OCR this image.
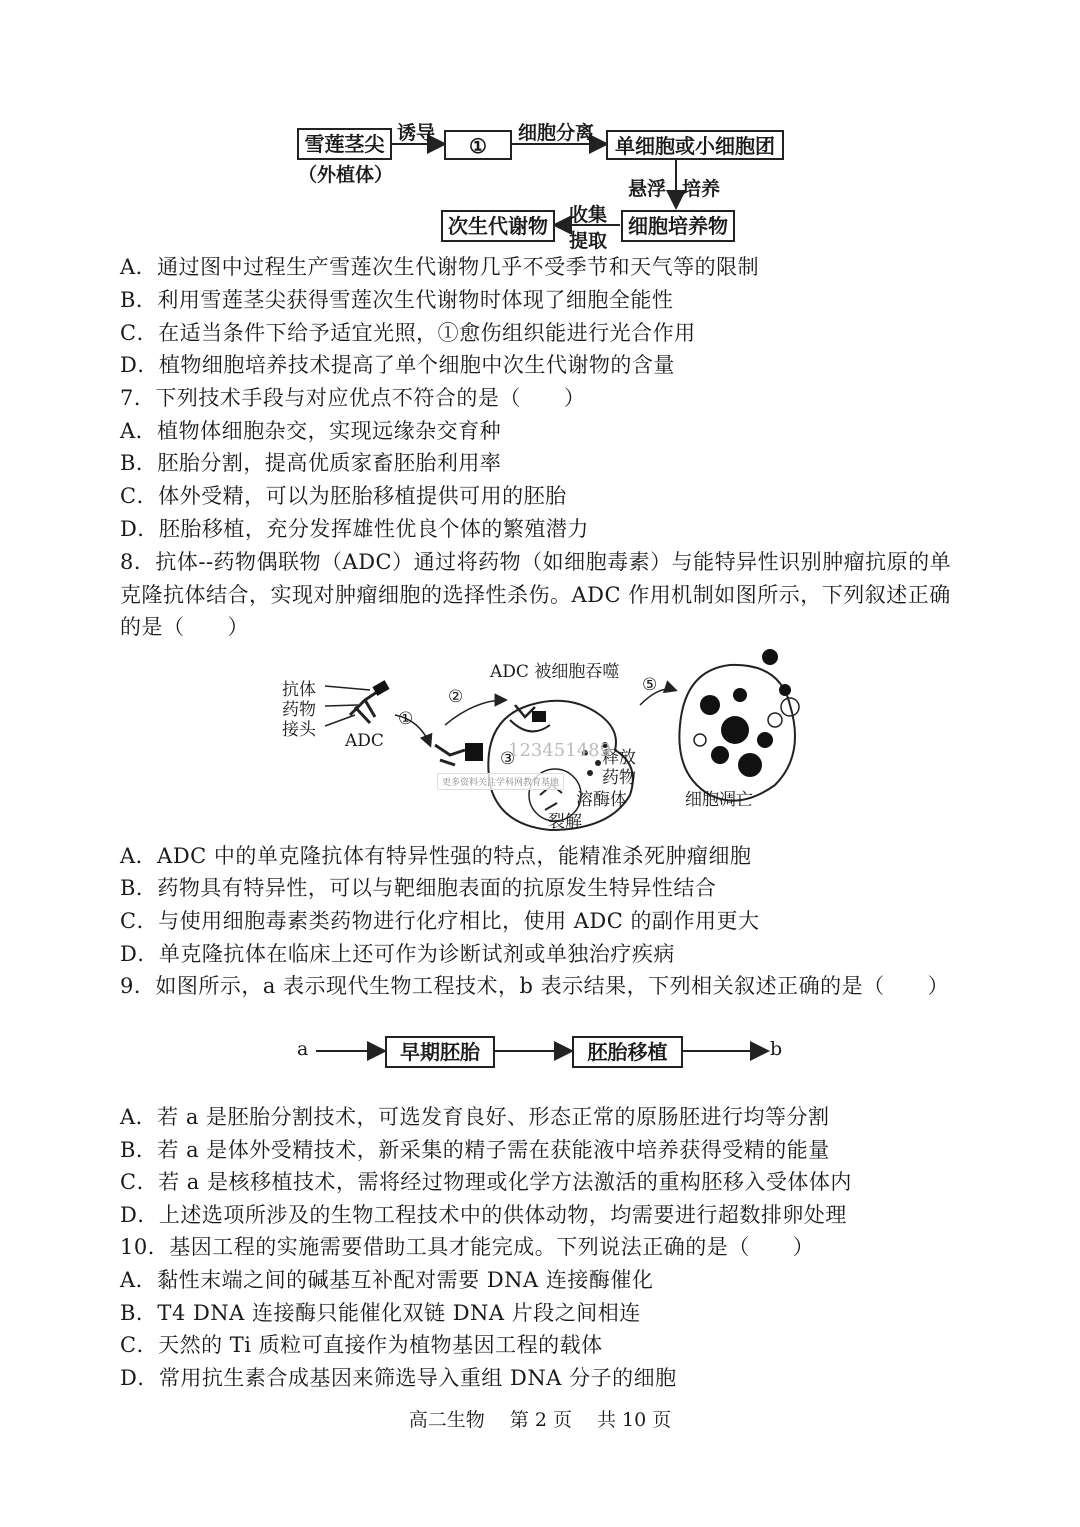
雪莲茎尖
（外植体）
诱导
①
细胞分离
单细胞或小细胞团
悬浮 培养
细胞培养物
收集
提取
次生代谢物
A．通过图中过程生产雪莲次生代谢物几乎不受季节和天气等的限制
B．利用雪莲茎尖获得雪莲次生代谢物时体现了细胞全能性
C．在适当条件下给予适宜光照，①愈伤组织能进行光合作用
D．植物细胞培养技术提高了单个细胞中次生代谢物的含量
7．下列技术手段与对应优点不符合的是（　　）
A．植物体细胞杂交，实现远缘杂交育种
B．胚胎分割，提高优质家畜胚胎利用率
C．体外受精，可以为胚胎移植提供可用的胚胎
D．胚胎移植，充分发挥雄性优良个体的繁殖潜力
8．抗体--药物偶联物（ADC）通过将药物（如细胞毒素）与能特异性识别肿瘤抗原的单
克隆抗体结合，实现对肿瘤细胞的选择性杀伤。ADC 作用机制如图所示，下列叙述正确
的是（　　）
抗体
药物
接头
ADC
①
②
③
⑤
ADC 被细胞吞噬
释放
药物
溶酶体
裂解
细胞凋亡
123451489
更多资料关注学科网教育基地
A．ADC 中的单克隆抗体有特异性强的特点，能精准杀死肿瘤细胞
B．药物具有特异性，可以与靶细胞表面的抗原发生特异性结合
C．与使用细胞毒素类药物进行化疗相比，使用 ADC 的副作用更大
D．单克隆抗体在临床上还可作为诊断试剂或单独治疗疾病
9．如图所示，a 表示现代生物工程技术，b 表示结果，下列相关叙述正确的是（　　）
a	早期胚胎	胚胎移植	b
A．若 a 是胚胎分割技术，可选发育良好、形态正常的原肠胚进行均等分割
B．若 a 是体外受精技术，新采集的精子需在获能液中培养获得受精的能量
C．若 a 是核移植技术，需将经过物理或化学方法激活的重构胚移入受体体内
D．上述选项所涉及的生物工程技术中的供体动物，均需要进行超数排卵处理
10．基因工程的实施需要借助工具才能完成。下列说法正确的是（　　）
A．黏性末端之间的碱基互补配对需要 DNA 连接酶催化
B．T4 DNA 连接酶只能催化双链 DNA 片段之间相连
C．天然的 Ti 质粒可直接作为植物基因工程的载体
D．常用抗生素合成基因来筛选导入重组 DNA 分子的细胞
高二生物　 第 2 页　 共 10 页
